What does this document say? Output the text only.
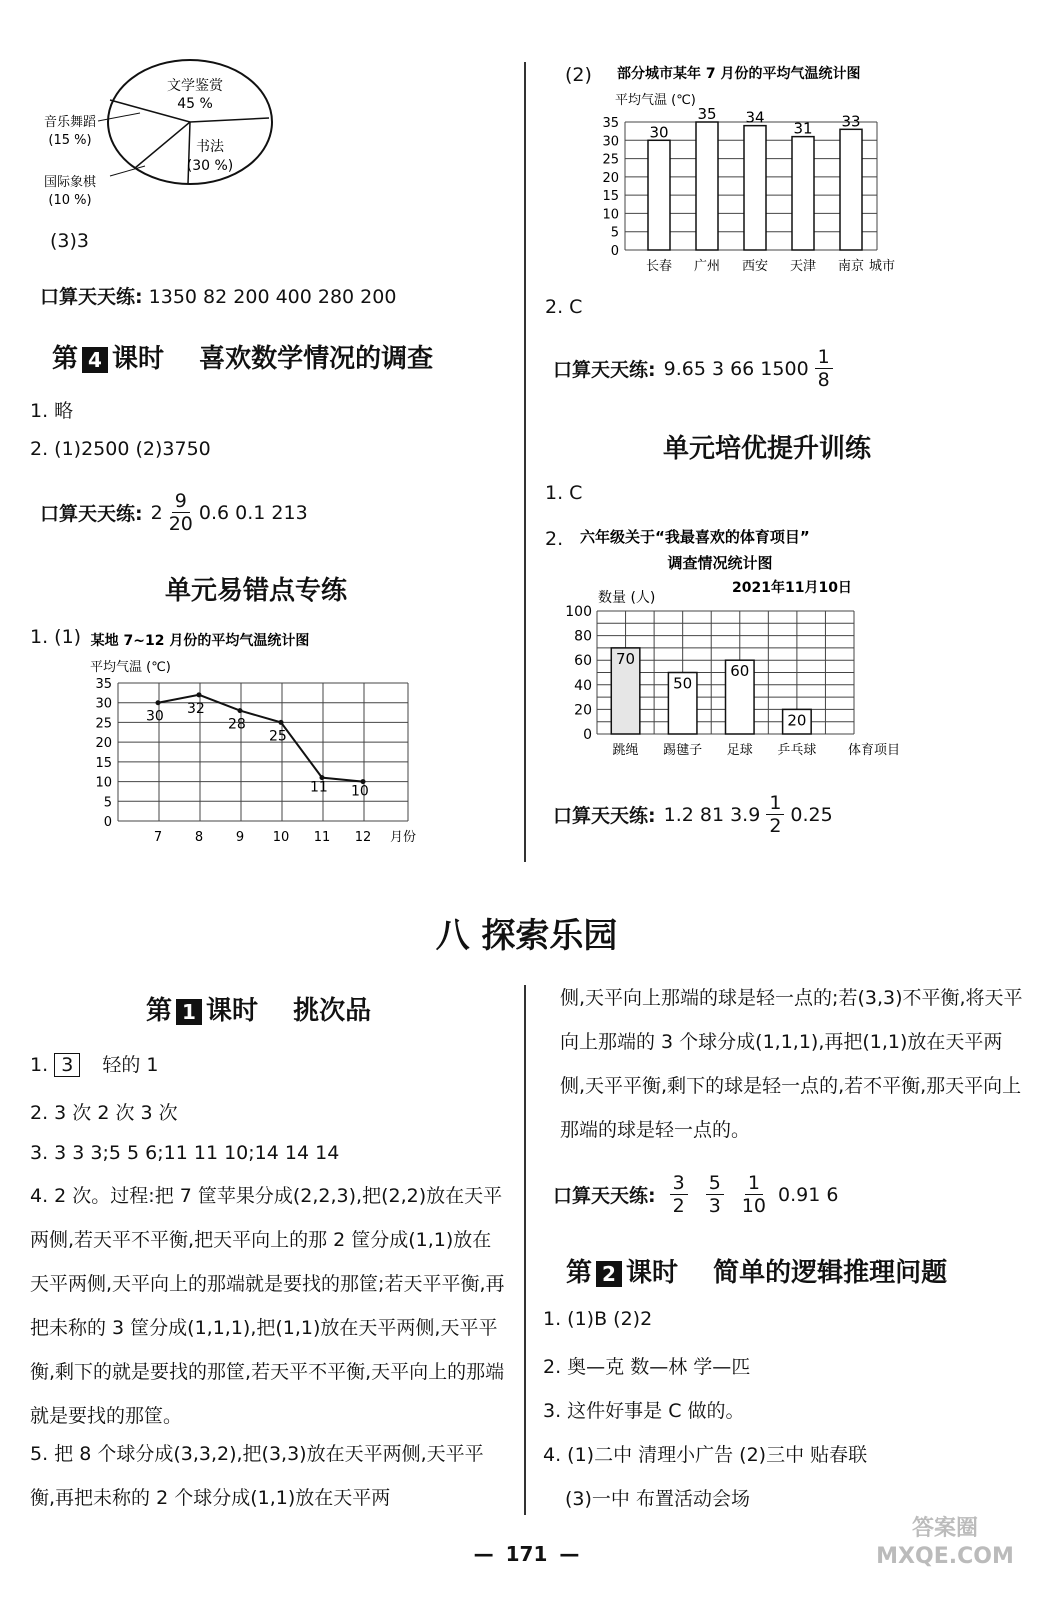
文学鉴赏
45 %
书法
(30 %)
国际象棋
(10 %)
音乐舞蹈
(15 %)
(3)3
口算天天练: 1350 82 200 400 280 200
第 4 课时 喜欢数学情况的调查
1. 略
2. (1)2500 (2)3750
口算天天练: $2 \frac{9}{20} 0.6$ 0.1 213
单元易错点专练
1. (1) 某地 7~12 月份的平均气温统计图
平均气温 (℃)
0
5
10
15
20
25
30
35
7	8	9 10 11 12 月份
30 32
28
25
11 10
(2) 部分城市某年 7 月份的平均气温统计图
平均气温 (℃)
0
5
10
15
20
25
30
35 30
长春
35
广州
34
西安
31
天津
33
南京 城市
2. C
口算天天练: 9.65 3 66 $1500 \frac{1}{8}$
单元培优提升训练
1. C
2. 六年级关于“我最喜欢的体育项目”
调查情况统计图
2021年11月10日
数量 (人)
0
20
40
60
80
100
70
跳绳
50
踢毽子
60
足球
20
乒乓球 体育项目
口算天天练: 1.2 81 $3.9 \frac{1}{2} 0.25$
八 探索乐园
第 1 课时 挑次品
1. 3 轻的 1
2. 3 次 2 次 3 次
3. 3 3 3;5 5 6;11 11 10;14 14 14
4. 2 次。过程:把 7 筐苹果分成(2,2,3),把(2,2)放在天平两侧,若天平不平衡,把天平向上的那 2 筐分成(1,1)放在天平两侧,天平向上的那端就是要找的那筐;若天平平衡,再把未称的 3 筐分成(1,1,1),把(1,1)放在天平两侧,天平平衡,剩下的就是要找的那筐,若天平不平衡,天平向上的那端就是要找的那筐。
5. 把 8 个球分成(3,3,2),把(3,3)放在天平两侧,天平平衡,再把未称的 2 个球分成(1,1)放在天平两
侧,天平向上那端的球是轻一点的;若(3,3)不平衡,将天平向上那端的 3 个球分成(1,1,1),再把(1,1)放在天平两侧,天平平衡,剩下的球是轻一点的,若不平衡,那天平向上那端的球是轻一点的。
口算天天练: $\frac{3}{2} \frac{5}{3} \frac{1}{10} 0.91$ 6
第 2 课时 简单的逻辑推理问题
1. (1)B (2)2
2. 奥—克 数—林 学—匹
3. 这件好事是 C 做的。
4. (1)二中 清理小广告 (2)三中 贴春联
(3)一中 布置活动会场
— 171 —
答案圈 MXQE.COM
